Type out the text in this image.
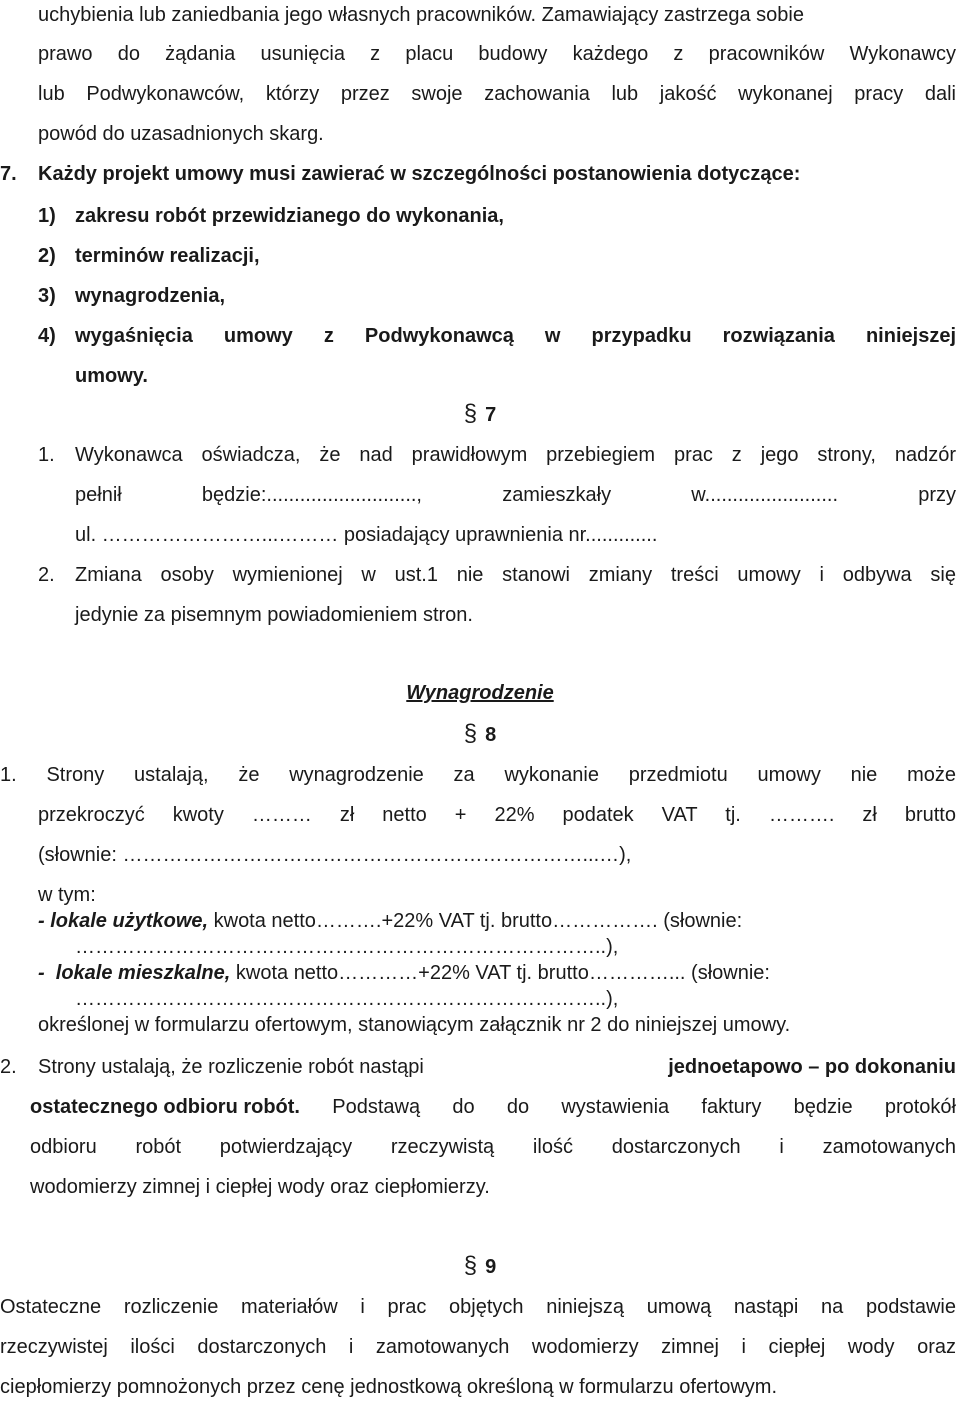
uchybienia lub zaniedbania jego własnych pracowników. Zamawiający zastrzega sobie
prawo do żądania usunięcia z placu budowy każdego z pracowników Wykonawcy
lub Podwykonawców, którzy przez swoje zachowania lub jakość wykonanej pracy dali
powód do uzasadnionych skarg.
7. Każdy projekt umowy musi zawierać w szczególności postanowienia dotyczące:
1) zakresu robót przewidzianego do wykonania,
2) terminów realizacji,
3) wynagrodzenia,
4) wygaśnięcia umowy z Podwykonawcą w przypadku rozwiązania niniejszej
umowy.
§ 7
1. Wykonawca oświadcza, że nad prawidłowym przebiegiem prac z jego strony, nadzór
pełnił będzie:..........................., zamieszkały w........................ przy
ul. ……………………...……… posiadający uprawnienia nr.............
2. Zmiana osoby wymienionej w ust.1 nie stanowi zmiany treści umowy i odbywa się
jedynie za pisemnym powiadomieniem stron.
Wynagrodzenie
§ 8
1. Strony ustalają, że wynagrodzenie za wykonanie przedmiotu umowy nie może
przekroczyć kwoty ……… zł netto + 22% podatek VAT tj. ………. zł brutto
(słownie: ……………………………………………………………...…),
w tym:
- lokale użytkowe, kwota netto……….+22% VAT tj. brutto……………. (słownie:
……………………………………………………………………..),
-  lokale mieszkalne, kwota netto…………+22% VAT tj. brutto…………... (słownie:
……………………………………………………………………..),
określonej w formularzu ofertowym, stanowiącym załącznik nr 2 do niniejszej umowy.
2. Strony ustalają, że rozliczenie robót nastąpi	jednoetapowo – po dokonaniu
ostatecznego odbioru robót. Podstawą do do wystawienia faktury będzie protokół
odbioru robót potwierdzający rzeczywistą ilość dostarczonych i zamotowanych
wodomierzy zimnej i ciepłej wody oraz ciepłomierzy.
§ 9
Ostateczne rozliczenie materiałów i prac objętych niniejszą umową nastąpi na podstawie
rzeczywistej ilości dostarczonych i zamotowanych wodomierzy zimnej i ciepłej wody oraz
ciepłomierzy pomnożonych przez cenę jednostkową określoną w formularzu ofertowym.
